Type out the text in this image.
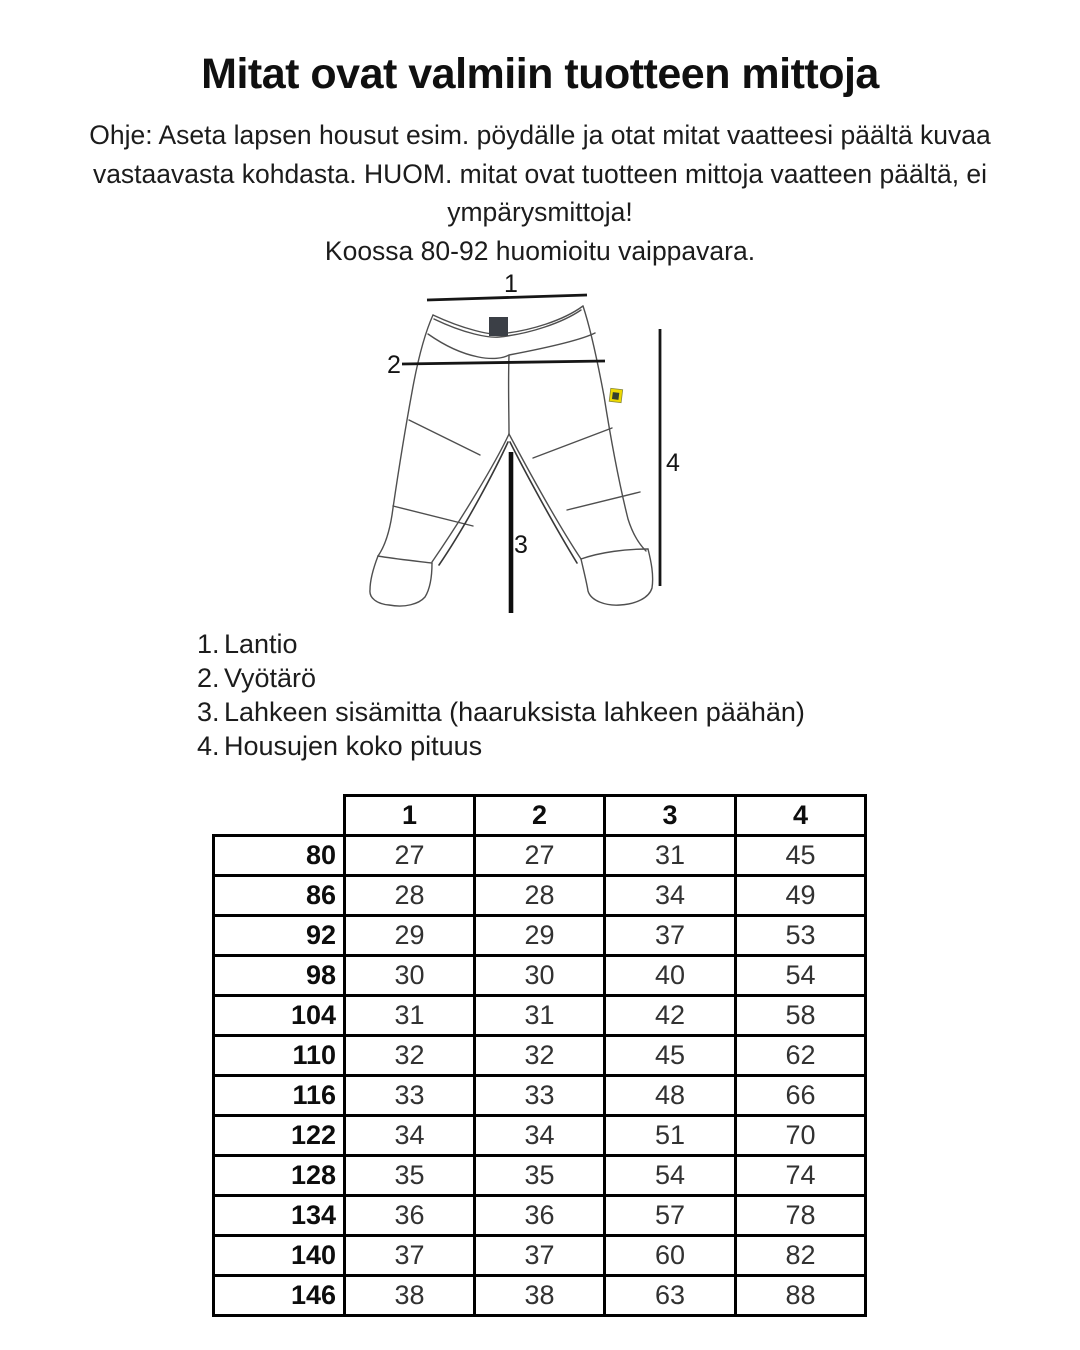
Mitat ovat valmiin tuotteen mittoja

Ohje: Aseta lapsen housut esim. pöydälle ja otat mitat vaatteesi päältä kuvaa vastaavasta kohdasta. HUOM. mitat ovat tuotteen mittoja vaatteen päältä, ei ympärysmittoja!

Koossa 80-92 huomioitu vaippavara.

1
2
3
4
1. Lantio
2. Vyötärö
3. Lahkeen sisämitta (haaruksista lahkeen päähän)
4. Housujen koko pituus
	1	2	3	4
80	27	27	31	45
86	28	28	34	49
92	29	29	37	53
98	30	30	40	54
104	31	31	42	58
110	32	32	45	62
116	33	33	48	66
122	34	34	51	70
128	35	35	54	74
134	36	36	57	78
140	37	37	60	82
146	38	38	63	88
